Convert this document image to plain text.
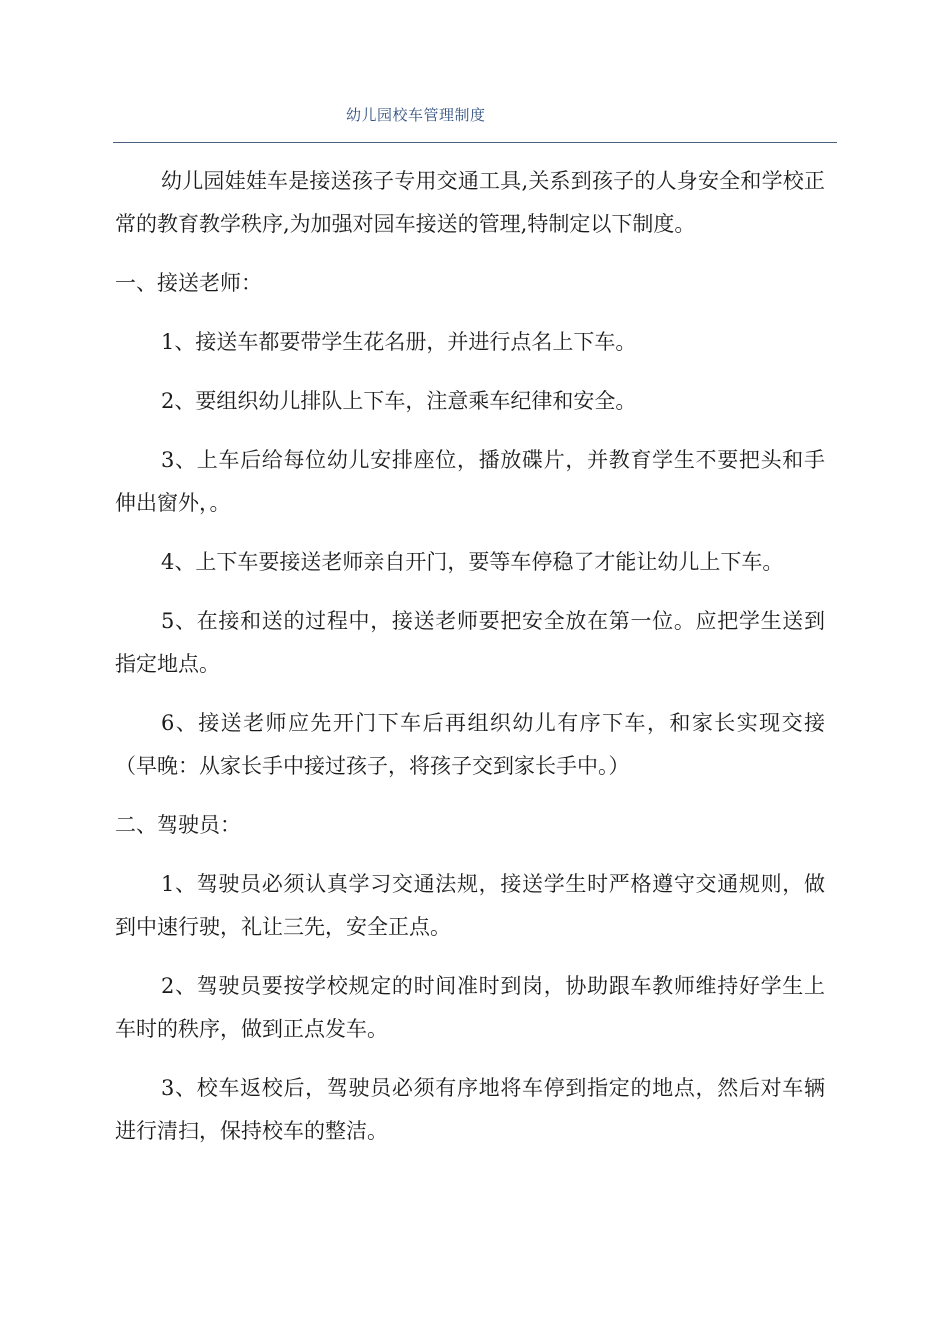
幼儿园校车管理制度

幼儿园娃娃车是接送孩子专用交通工具,关系到孩子的人身安全和学校正常的教育教学秩序,为加强对园车接送的管理,特制定以下制度。

一、接送老师：

1、接送车都要带学生花名册，并进行点名上下车。

2、要组织幼儿排队上下车，注意乘车纪律和安全。

3、上车后给每位幼儿安排座位，播放碟片，并教育学生不要把头和手伸出窗外，。

4、上下车要接送老师亲自开门，要等车停稳了才能让幼儿上下车。

5、在接和送的过程中，接送老师要把安全放在第一位。应把学生送到指定地点。

6、接送老师应先开门下车后再组织幼儿有序下车，和家长实现交接（早晚：从家长手中接过孩子，将孩子交到家长手中。）

二、驾驶员：

1、驾驶员必须认真学习交通法规，接送学生时严格遵守交通规则，做到中速行驶，礼让三先，安全正点。

2、驾驶员要按学校规定的时间准时到岗，协助跟车教师维持好学生上车时的秩序，做到正点发车。

3、校车返校后，驾驶员必须有序地将车停到指定的地点，然后对车辆进行清扫，保持校车的整洁。
